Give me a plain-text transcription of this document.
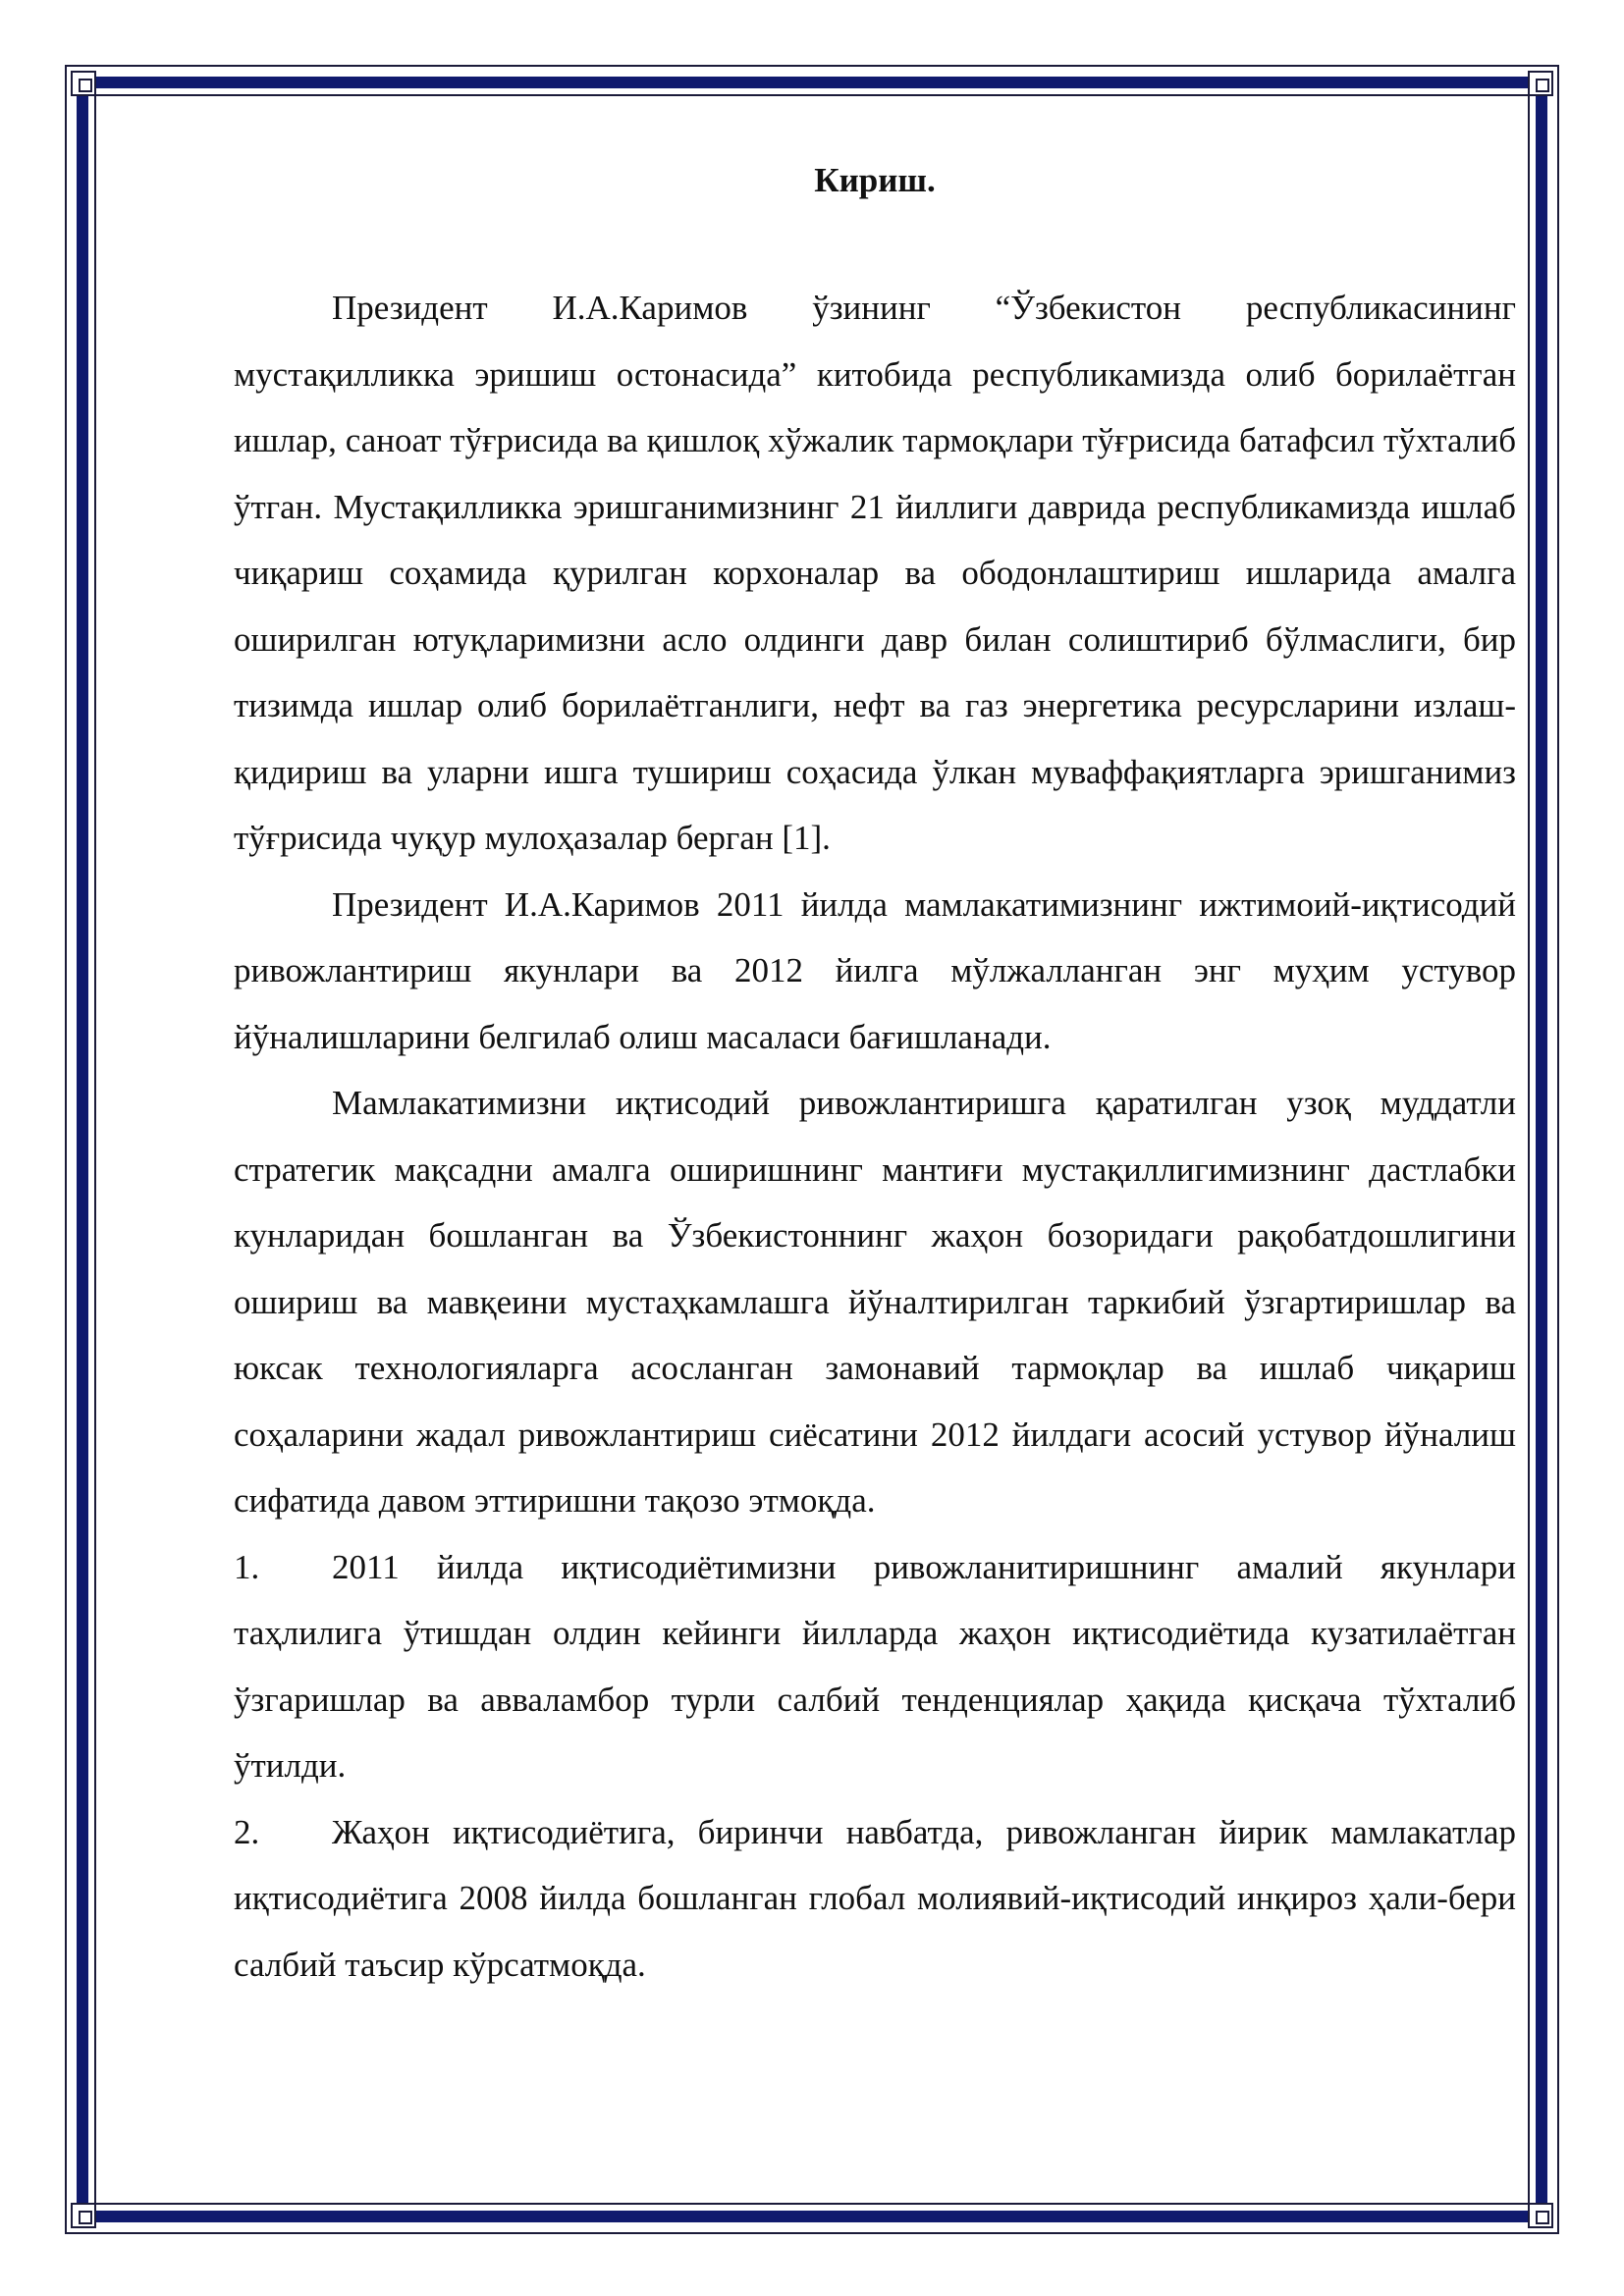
Кириш.

Президент И.А.Каримов ўзининг “Ўзбекистон республикасининг мустақилликка эришиш остонасида” китобида республикамизда олиб борилаётган ишлар, саноат тўғрисида ва қишлоқ хўжалик тармоқлари тўғрисида батафсил тўхталиб ўтган. Мустақилликка эришганимизнинг 21 йиллиги даврида республикамизда ишлаб чиқариш соҳамида қурилган корхоналар ва ободонлаштириш ишларида амалга оширилган ютуқларимизни асло олдинги давр билан солиштириб бўлмаслиги, бир тизимда ишлар олиб борилаётганлиги, нефт ва газ энергетика ресурсларини излаш-қидириш ва уларни ишга тушириш соҳасида ўлкан муваффақиятларга эришганимиз тўғрисида чуқур мулоҳазалар берган [1].

Президент И.А.Каримов 2011 йилда мамлакатимизнинг ижтимоий-иқтисодий ривожлантириш якунлари ва 2012 йилга мўлжалланган энг муҳим устувор йўналишларини белгилаб олиш масаласи бағишланади.

Мамлакатимизни иқтисодий ривожлантиришга қаратилган узоқ муддатли стратегик мақсадни амалга оширишнинг мантиғи мустақиллигимизнинг дастлабки кунларидан бошланган ва Ўзбекистоннинг жаҳон бозоридаги рақобатдошлигини ошириш ва мавқеини мустаҳкамлашга йўналтирилган таркибий ўзгартиришлар ва юксак технологияларга асосланган замонавий тармоқлар ва ишлаб чиқариш соҳаларини жадал ривожлантириш сиёсатини 2012 йилдаги асосий устувор йўналиш сифатида давом эттиришни тақозо этмоқда.

1. 2011 йилда иқтисодиётимизни ривожланитиришнинг амалий якунлари таҳлилига ўтишдан олдин кейинги йилларда жаҳон иқтисодиётида кузатилаётган ўзгаришлар ва авваламбор турли салбий тенденциялар ҳақида қисқача тўхталиб ўтилди.

2. Жаҳон иқтисодиётига, биринчи навбатда, ривожланган йирик мамлакатлар иқтисодиётига 2008 йилда бошланган глобал молиявий-иқтисодий инқироз ҳали-бери салбий таъсир кўрсатмоқда.
